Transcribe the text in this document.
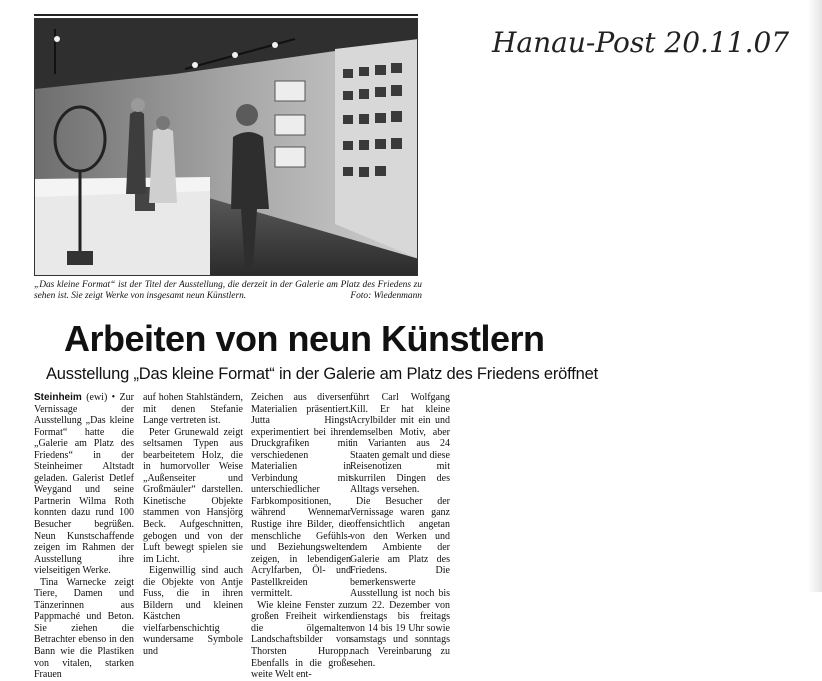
Hanau-Post 20.11.07
„Das kleine Format“ ist der Titel der Ausstellung, die derzeit in der Galerie am Platz des Friedens zu sehen ist. Sie zeigt Werke von insgesamt neun Künstlern.	Foto: Wiedenmann
Arbeiten von neun Künstlern
Ausstellung „Das kleine Format“ in der Galerie am Platz des Friedens eröffnet

Steinheim (ewi) • Zur Vernissage der Ausstellung „Das kleine Format“ hatte die „Galerie am Platz des Friedens“ in der Steinheimer Altstadt geladen. Galerist Detlef Weygand und seine Partnerin Wilma Roth konnten dazu rund 100 Besucher begrüßen. Neun Kunstschaffende zeigen im Rahmen der Ausstellung ihre vielseitigen Werke.

Tina Warnecke zeigt Tiere, Damen und Tänzerinnen aus Pappmaché und Beton. Sie ziehen die Betrachter ebenso in den Bann wie die Plastiken von vitalen, starken Frauen

auf hohen Stahlständern, mit denen Stefanie Lange vertreten ist.

Peter Grunewald zeigt seltsamen Typen aus bearbeitetem Holz, die in humorvoller Weise „Außenseiter und Großmäuler“ darstellen. Kinetische Objekte stammen von Hansjörg Beck. Aufgeschnitten, gebogen und von der Luft bewegt spielen sie im Licht.

Eigenwillig sind auch die Objekte von Antje Fuss, die in ihren Bildern und kleinen Kästchen vielfarbenschichtig wundersame Symbole und

Zeichen aus diversen Materialien präsentiert. Jutta Hingst experimentiert bei ihren Druckgrafiken mit verschiedenen Materialien in Verbindung mit unterschiedlicher Farbkompositionen, während Wennemar Rustige ihre Bilder, die menschliche Gefühls- und Beziehungswelten zeigen, in lebendigen Acrylfarben, Öl- und Pastellkreiden vermittelt.

Wie kleine Fenster zur großen Freiheit wirken die ölgemalten Landschaftsbilder von Thorsten Huropp. Ebenfalls in die große weite Welt ent-

führt Carl Wolfgang Kill. Er hat kleine Acrylbilder mit ein und demselben Motiv, aber in Varianten aus 24 Staaten gemalt und diese Reisenotizen mit skurrilen Dingen des Alltags versehen.

Die Besucher der Vernissage waren ganz offensichtlich angetan von den Werken und dem Ambiente der Galerie am Platz des Friedens. Die bemerkenswerte Ausstellung ist noch bis zum 22. Dezember von dienstags bis freitags von 14 bis 19 Uhr sowie samstags und sonntags nach Vereinbarung zu sehen.
